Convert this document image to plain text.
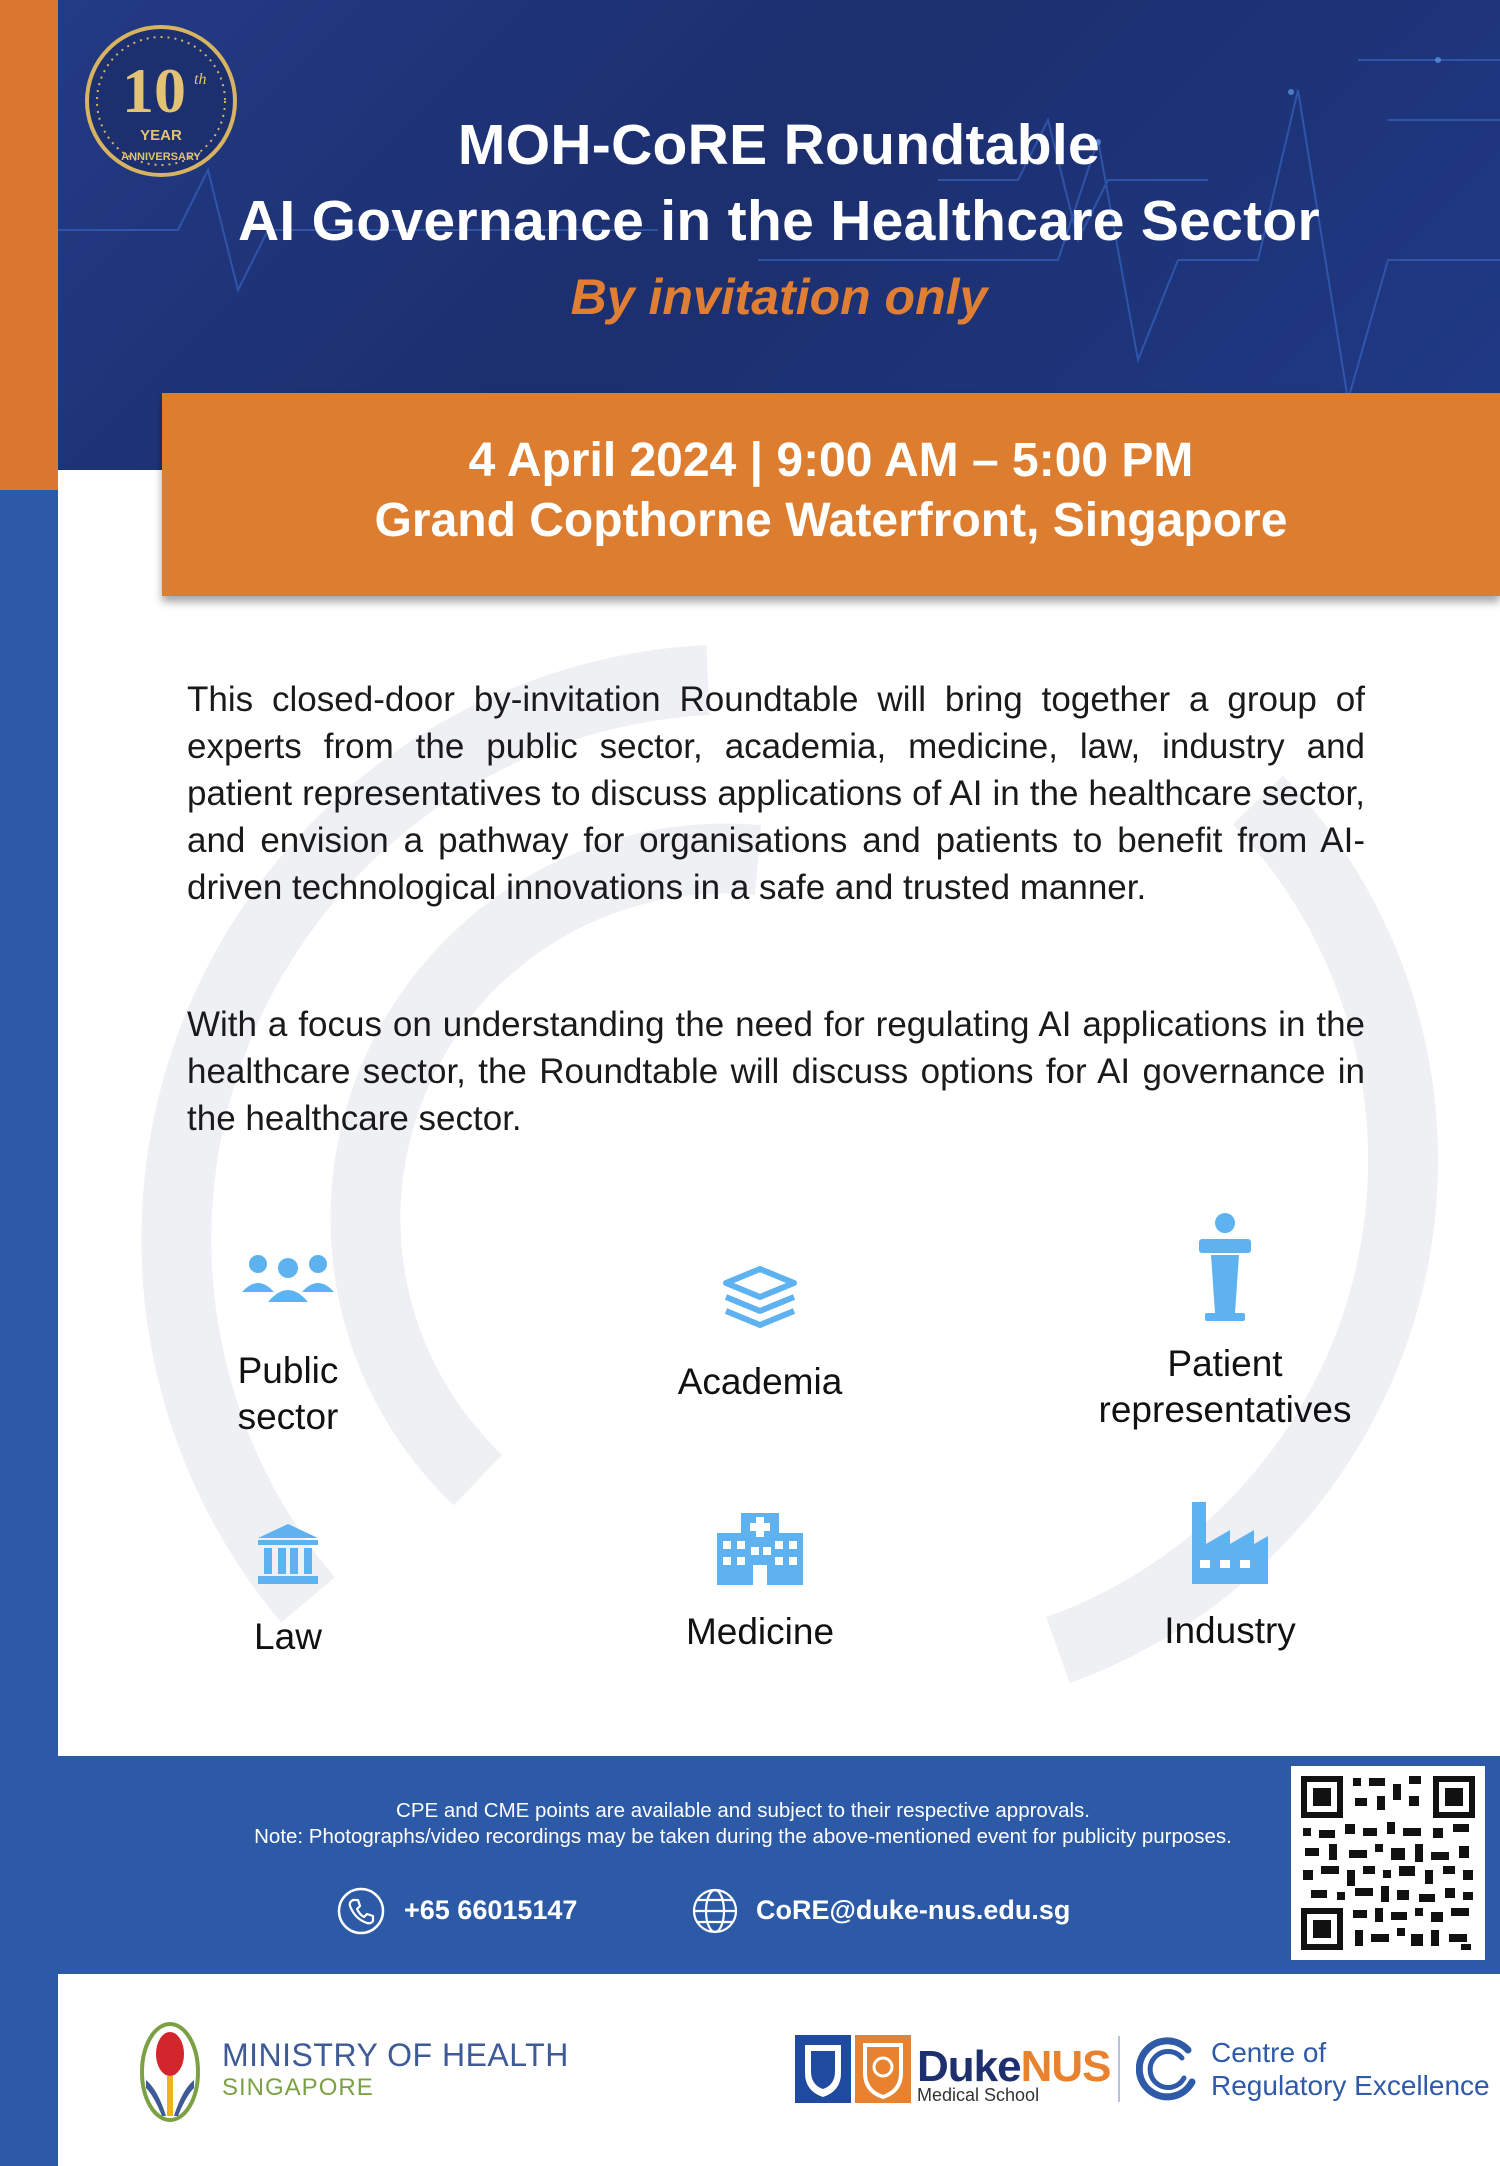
10 th
YEAR
ANNIVERSARY	MOH-CoRE Roundtable
AI Governance in the Healthcare Sector
By invitation only
4 April 2024 | 9:00 AM – 5:00 PM
Grand Copthorne Waterfront, Singapore
This closed-door by-invitation Roundtable will bring together a group of experts from the public sector, academia, medicine, law, industry and patient representatives to discuss applications of AI in the healthcare sector, and envision a pathway for organisations and patients to benefit from AI-driven technological innovations in a safe and trusted manner.
With a focus on understanding the need for regulating AI applications in the healthcare sector, the Roundtable will discuss options for AI governance in the healthcare sector.
Public
sector
Academia	Patient
representatives
Law	Medicine	Industry
CPE and CME points are available and subject to their respective approvals.
Note: Photographs/video recordings may be taken during the above-mentioned event for publicity purposes.
+65 66015147	CoRE@duke-nus.edu.sg
MINISTRY OF HEALTH
SINGAPORE	DukeNUS
Medical School
Centre of
Regulatory Excellence
